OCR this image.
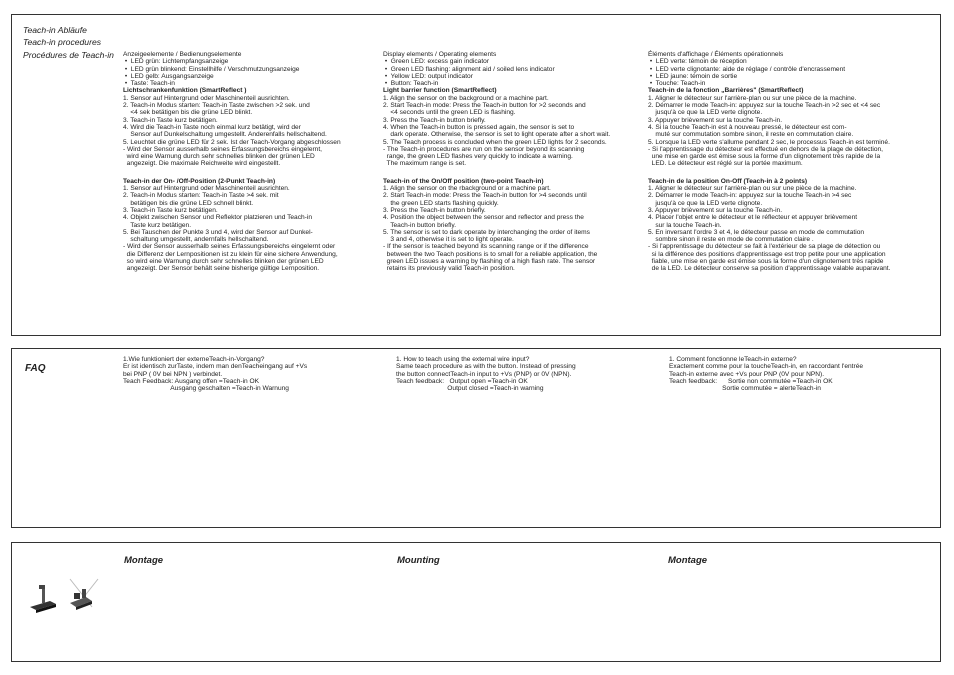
Teach-in Abläufe
Teach-in procedures
Procédures de Teach-in Anzeigeelemente / Bedienungselemente
•  LED grün: Lichtempfangsanzeige
•  LED grün blinkend: Einstellhilfe / Verschmutzungsanzeige
•  LED gelb: Ausgangsanzeige
•  Taste: Teach-in
Lichtschrankenfunktion (SmartReflect )
1. Sensor auf Hintergrund oder Maschinenteil ausrichten.
2. Teach-in Modus starten: Teach-in Taste zwischen >2 sek. und
<4 sek betätigen bis die grüne LED blinkt.
3. Teach-in Taste kurz betätigen.
4. Wird die Teach-in Taste noch einmal kurz betätigt, wird der
Sensor auf Dunkelschaltung umgestellt. Anderenfalls hellschaltend.
5. Leuchtet die grüne LED für 2 sek. Ist der Teach-Vorgang abgeschlossen
- Wird der Sensor ausserhalb seines Erfassungsbereichs eingelernt,
wird eine Warnung durch sehr schnelles blinken der grünen LED
angezeigt. Die maximale Reichweite wird eingestellt.
Teach-in der On- /Off-Position (2-Punkt Teach-in)
1. Sensor auf Hintergrund oder Maschinenteil ausrichten.
2. Teach-in Modus starten: Teach-in Taste >4 sek. mit
betätigen bis die grüne LED schnell blinkt.
3. Teach-in Taste kurz betätigen.
4. Objekt zwischen Sensor und Reflektor platzieren und Teach-in
Taste kurz betätigen.
5. Bei Tauschen der Punkte 3 und 4, wird der Sensor auf Dunkel-
schaltung umgestellt, andernfalls hellschaltend.
- Wird der Sensor ausserhalb seines Erfassungsbereichs eingelernt oder
die Differenz der Lernpositionen ist zu klein für eine sichere Anwendung,
so wird eine Warnung durch sehr schnelles blinken der grünen LED
angezeigt. Der Sensor behält seine bisherige gültige Lernposition.
Display elements / Operating elements
•  Green LED: excess gain indicator
•  Green LED flashing: alignment aid / soiled lens indicator
•  Yellow LED: output indicator
•  Button: Teach-in
Light barrier function (SmartReflect)
1. Align the sensor on the background or a machine part.
2. Start Teach-in mode: Press the Teach-in button for >2 seconds and
<4 seconds until the green LED is flashing.
3. Press the Teach-in button briefly.
4. When the Teach-in button is pressed again, the sensor is set to
dark operate. Otherwise, the sensor is set to light operate after a short wait.
5. The Teach process is concluded when the green LED lights for 2 seconds.
- The Teach-in procedures are run on the sensor beyond its scanning
range, the green LED flashes very quickly to indicate a warning.
The maximum range is set.
Teach-in of the On/Off position (two-point Teach-in)
1. Align the sensor on the rbackground or a machine part.
2. Start Teach-in mode: Press the Teach-in button for >4 seconds until
the green LED starts flashing quickly.
3. Press the Teach-in button briefly.
4. Position the object between the sensor and reflector and press the
Teach-in button briefly.
5. The sensor is set to dark operate by interchanging the order of items
3 and 4, otherwise it is set to light operate.
- If the sensor is teached beyond its scanning range or if the difference
between the two Teach positions is to small for a reliable application, the
green LED issues a warning by flashing of a high flash rate. The sensor
retains its previously valid Teach-in position.
Éléments d'affichage / Éléments opérationnels
•  LED verte: témoin de réception
•  LED verte clignotante: aide de réglage / contrôle d'encrassement
•  LED jaune: témoin de sortie
•  Touche: Teach-in
Teach-in de la fonction „Barrières" (SmartReflect)
1. Aligner le détecteur sur l'arrière-plan ou sur une pièce de la machine.
2. Démarrer le mode Teach-in: appuyez sur la touche Teach-in >2 sec et <4 sec
jusqu'à ce que la LED verte clignote.
3. Appuyer brièvement sur la touche Teach-in.
4. Si la touche Teach-in est à nouveau pressé, le détecteur est com-
muté sur commutation sombre sinon, il reste en commutation claire.
5. Lorsque la LED verte s'allume pendant 2 sec, le processus Teach-in est terminé.
- Si l'apprentissage du détecteur est effectué en dehors de la plage de détection,
une mise en garde est émise sous la forme d'un clignotement très rapide de la
LED. Le détecteur est réglé sur la portée maximum.
Teach-in de la position On-Off (Teach-in à 2 points)
1. Aligner le détecteur sur l'arrière-plan ou sur une pièce de la machine.
2. Démarrer le mode Teach-in: appuyez sur la touche Teach-in >4 sec
jusqu'à ce que la LED verte clignote.
3. Appuyer brièvement sur la touche Teach-in.
4. Placer l'objet entre le détecteur et le réflecteur et appuyer brièvement
sur la touche Teach-in.
5. En inversant l'ordre 3 et 4, le détecteur passe en mode de commutation
sombre sinon il reste en mode de commutation claire .
- Si l'apprentissage du détecteur se fait à l'extérieur de sa plage de détection ou
si la différence des positions d'apprentissage est trop petite pour une application
fiable, une mise en garde est émise sous la forme d'un clignotement très rapide
de la LED. Le détecteur conserve sa position d'apprentissage valable auparavant.
FAQ
1.Wie funktioniert der externeTeach-in-Vorgang?
Er ist identisch zurTaste, indem man denTeachеingang auf +Vs
bei PNP ( 0V bei NPN ) verbindet.
Teach Feedback: Ausgang offen =Teach-in OK
Ausgang geschalten =Teach-in Warnung
1. How to teach using the external wire input?
Same teach procedure as with the button. Instead of pressing
the button connectTeach-in input to +Vs (PNP) or 0V (NPN).
Teach feedback:   Output open =Teach-in OK
Output closed =Teach-in warning
1. Comment fonctionne leTeach-in externe?
Exactement comme pour la toucheTeach-in, en raccordant l'entrée
Teach-in externe avec +Vs pour PNP (0V pour NPN).
Teach feedback:      Sortie non commutée =Teach-in OK
Sortie commutée = alerteTeach-in
Montage	Mounting	Montage
